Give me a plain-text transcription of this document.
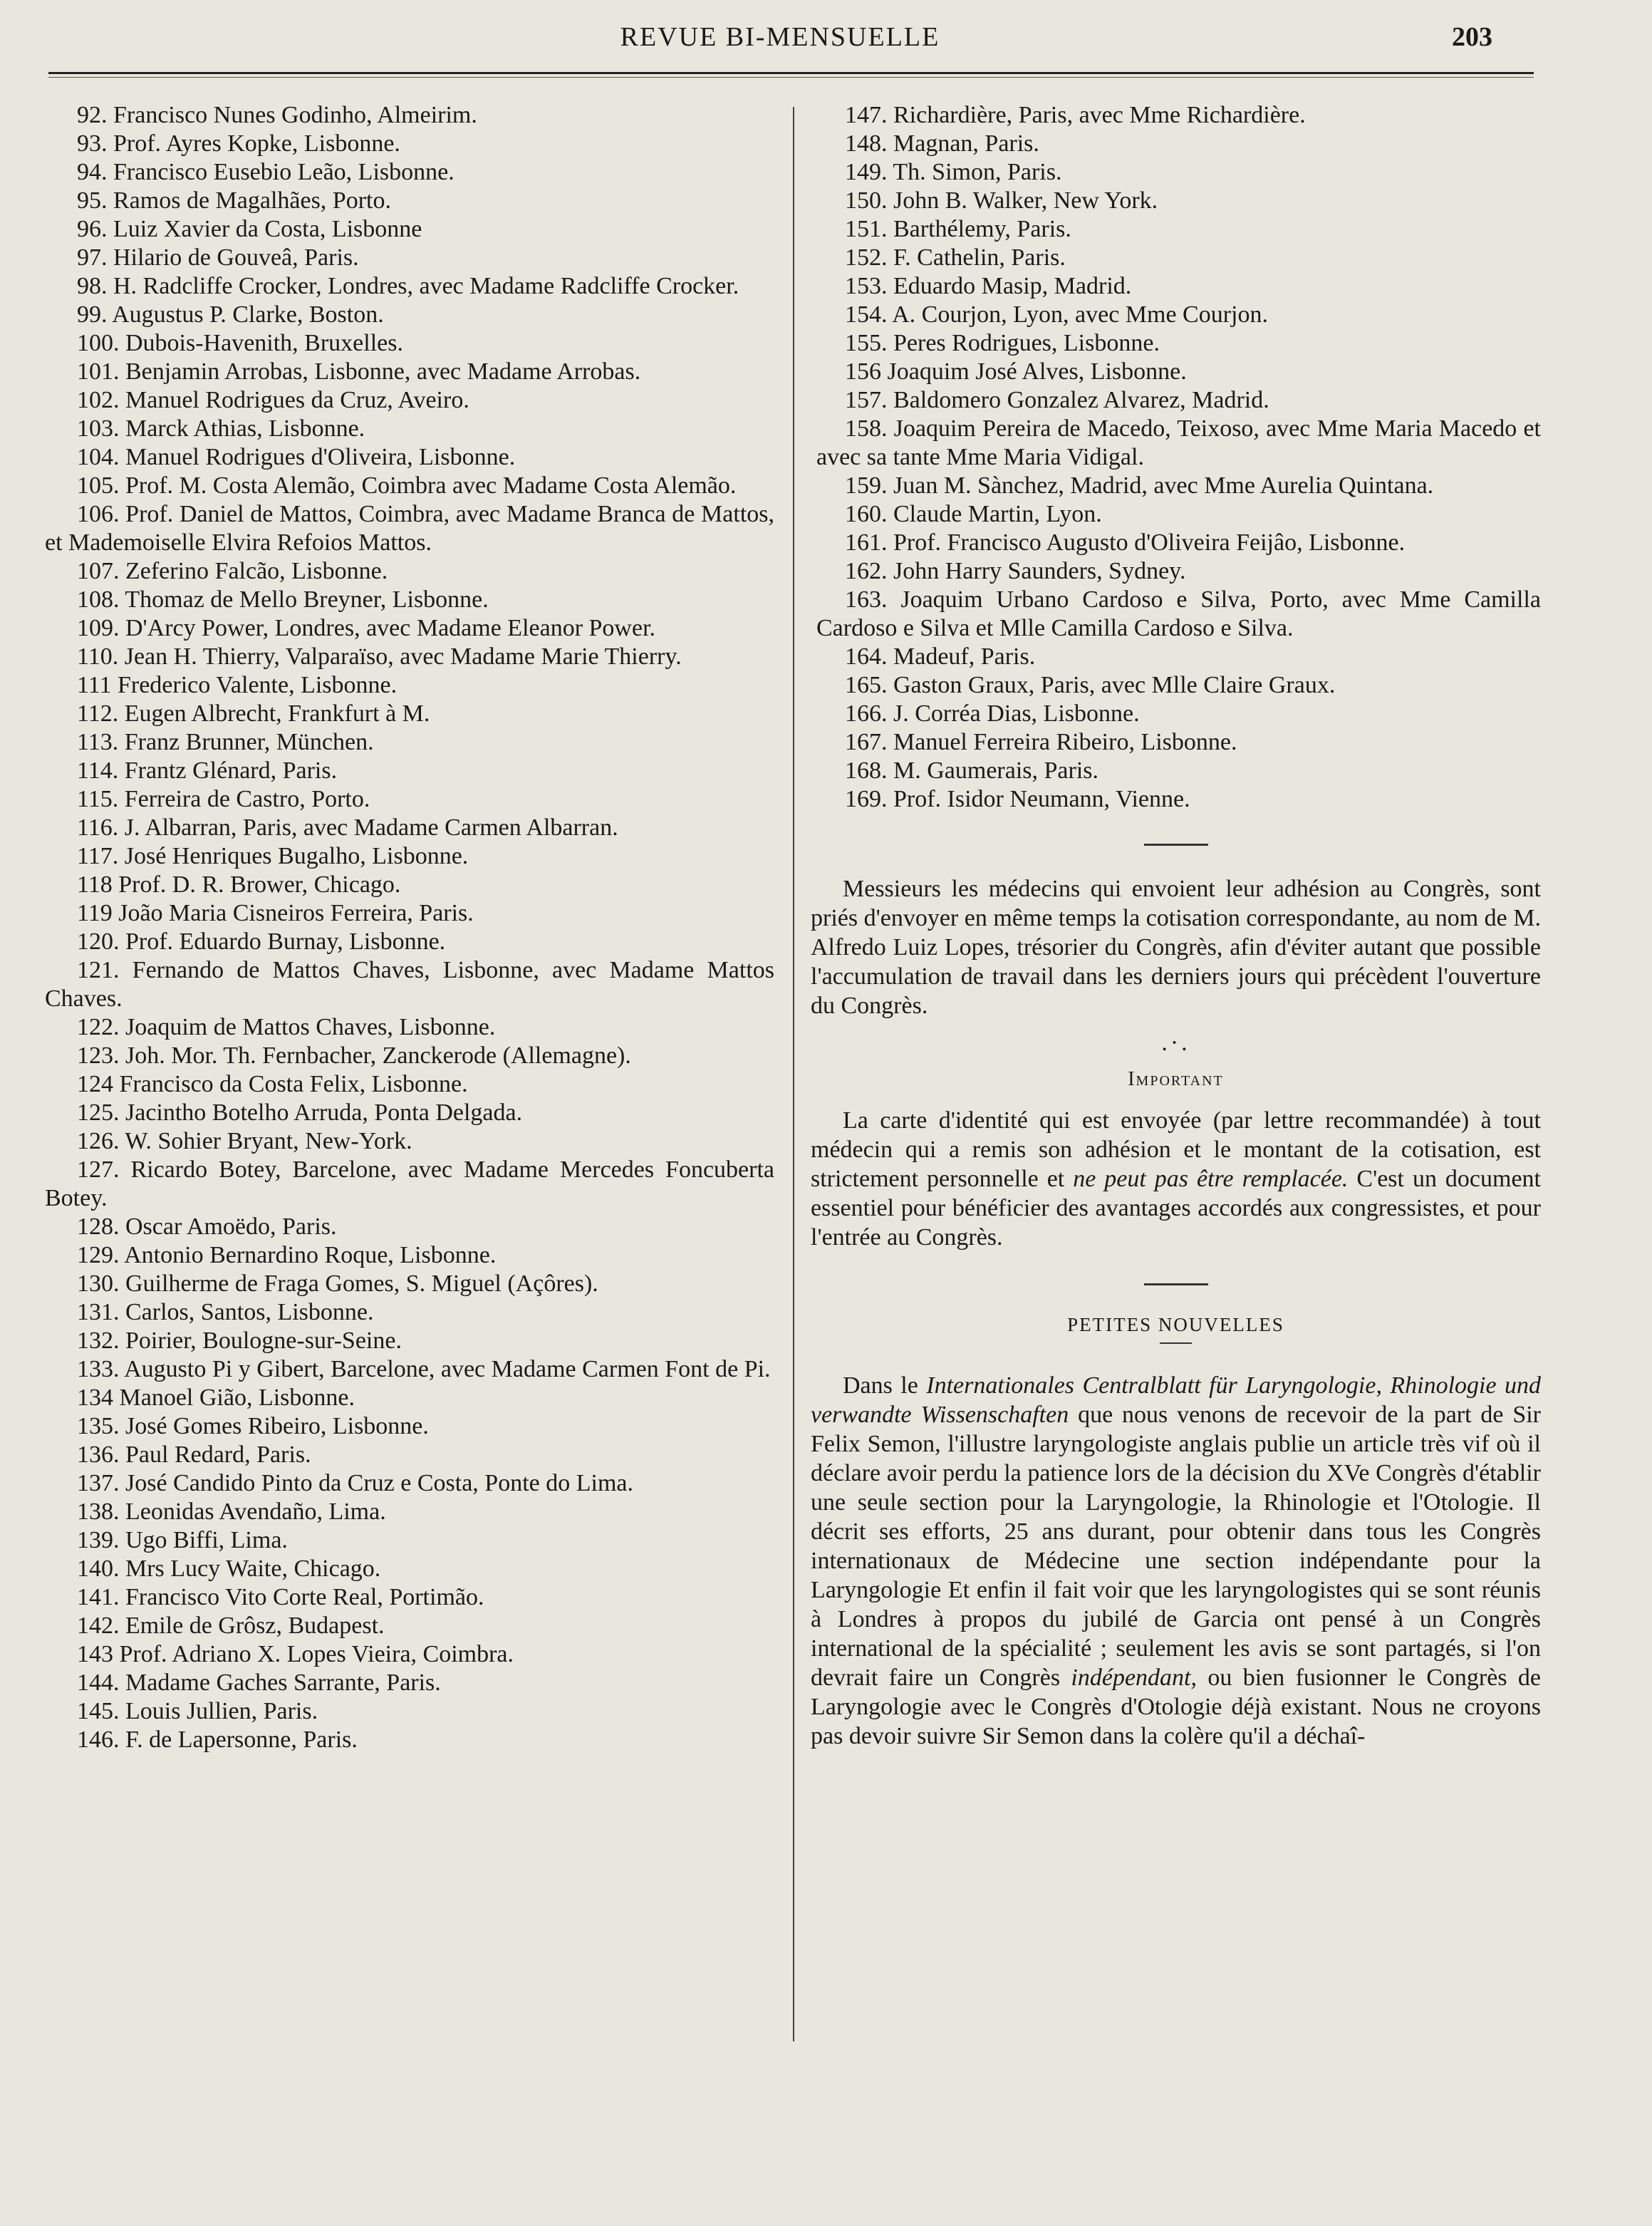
REVUE BI-MENSUELLE	203

92. Francisco Nunes Godinho, Almeirim.

93. Prof. Ayres Kopke, Lisbonne.

94. Francisco Eusebio Leão, Lisbonne.

95. Ramos de Magalhães, Porto.

96. Luiz Xavier da Costa, Lisbonne

97. Hilario de Gouveâ, Paris.

98. H. Radcliffe Crocker, Londres, avec Madame Radcliffe Crocker.

99. Augustus P. Clarke, Boston.

100. Dubois-Havenith, Bruxelles.

101. Benjamin Arrobas, Lisbonne, avec Madame Arrobas.

102. Manuel Rodrigues da Cruz, Aveiro.

103. Marck Athias, Lisbonne.

104. Manuel Rodrigues d'Oliveira, Lisbonne.

105. Prof. M. Costa Alemão, Coimbra avec Madame Costa Alemão.

106. Prof. Daniel de Mattos, Coimbra, avec Madame Branca de Mattos, et Mademoiselle Elvira Refoios Mattos.

107. Zeferino Falcão, Lisbonne.

108. Thomaz de Mello Breyner, Lisbonne.

109. D'Arcy Power, Londres, avec Madame Eleanor Power.

110. Jean H. Thierry, Valparaïso, avec Madame Marie Thierry.

111 Frederico Valente, Lisbonne.

112. Eugen Albrecht, Frankfurt à M.

113. Franz Brunner, München.

114. Frantz Glénard, Paris.

115. Ferreira de Castro, Porto.

116. J. Albarran, Paris, avec Madame Carmen Albarran.

117. José Henriques Bugalho, Lisbonne.

118 Prof. D. R. Brower, Chicago.

119 João Maria Cisneiros Ferreira, Paris.

120. Prof. Eduardo Burnay, Lisbonne.

121. Fernando de Mattos Chaves, Lisbonne, avec Madame Mattos Chaves.

122. Joaquim de Mattos Chaves, Lisbonne.

123. Joh. Mor. Th. Fernbacher, Zanckerode (Allemagne).

124 Francisco da Costa Felix, Lisbonne.

125. Jacintho Botelho Arruda, Ponta Delgada.

126. W. Sohier Bryant, New-York.

127. Ricardo Botey, Barcelone, avec Madame Mercedes Foncuberta Botey.

128. Oscar Amoëdo, Paris.

129. Antonio Bernardino Roque, Lisbonne.

130. Guilherme de Fraga Gomes, S. Miguel (Açôres).

131. Carlos, Santos, Lisbonne.

132. Poirier, Boulogne-sur-Seine.

133. Augusto Pi y Gibert, Barcelone, avec Madame Carmen Font de Pi.

134 Manoel Gião, Lisbonne.

135. José Gomes Ribeiro, Lisbonne.

136. Paul Redard, Paris.

137. José Candido Pinto da Cruz e Costa, Ponte do Lima.

138. Leonidas Avendaño, Lima.

139. Ugo Biffi, Lima.

140. Mrs Lucy Waite, Chicago.

141. Francisco Vito Corte Real, Portimão.

142. Emile de Grôsz, Budapest.

143 Prof. Adriano X. Lopes Vieira, Coimbra.

144. Madame Gaches Sarrante, Paris.

145. Louis Jullien, Paris.

146. F. de Lapersonne, Paris.

147. Richardière, Paris, avec Mme Richardière.

148. Magnan, Paris.

149. Th. Simon, Paris.

150. John B. Walker, New York.

151. Barthélemy, Paris.

152. F. Cathelin, Paris.

153. Eduardo Masip, Madrid.

154. A. Courjon, Lyon, avec Mme Courjon.

155. Peres Rodrigues, Lisbonne.

156 Joaquim José Alves, Lisbonne.

157. Baldomero Gonzalez Alvarez, Madrid.

158. Joaquim Pereira de Macedo, Teixoso, avec Mme Maria Macedo et avec sa tante Mme Maria Vidigal.

159. Juan M. Sànchez, Madrid, avec Mme Aurelia Quintana.

160. Claude Martin, Lyon.

161. Prof. Francisco Augusto d'Oliveira Feijâo, Lisbonne.

162. John Harry Saunders, Sydney.

163. Joaquim Urbano Cardoso e Silva, Porto, avec Mme Camilla Cardoso e Silva et Mlle Camilla Cardoso e Silva.

164. Madeuf, Paris.

165. Gaston Graux, Paris, avec Mlle Claire Graux.

166. J. Corréa Dias, Lisbonne.

167. Manuel Ferreira Ribeiro, Lisbonne.

168. M. Gaumerais, Paris.

169. Prof. Isidor Neumann, Vienne.

Messieurs les médecins qui envoient leur adhésion au Congrès, sont priés d'envoyer en même temps la cotisation correspondante, au nom de M. Alfredo Luiz Lopes, trésorier du Congrès, afin d'éviter autant que possible l'accumulation de travail dans les derniers jours qui précèdent l'ouverture du Congrès.

.·.
Important

La carte d'identité qui est envoyée (par lettre recommandée) à tout médecin qui a remis son adhésion et le montant de la cotisation, est strictement personnelle et ne peut pas être remplacée. C'est un document essentiel pour bénéficier des avantages accordés aux congressistes, et pour l'entrée au Congrès.

PETITES NOUVELLES

Dans le Internationales Centralblatt für Laryngologie, Rhinologie und verwandte Wissenschaften que nous venons de recevoir de la part de Sir Felix Semon, l'illustre laryngologiste anglais publie un article très vif où il déclare avoir perdu la patience lors de la décision du XVe Congrès d'établir une seule section pour la Laryngologie, la Rhinologie et l'Otologie. Il décrit ses efforts, 25 ans durant, pour obtenir dans tous les Congrès internationaux de Médecine une section indépendante pour la Laryngologie Et enfin il fait voir que les laryngologistes qui se sont réunis à Londres à propos du jubilé de Garcia ont pensé à un Congrès international de la spécialité ; seulement les avis se sont partagés, si l'on devrait faire un Congrès indépendant, ou bien fusionner le Congrès de Laryngologie avec le Congrès d'Otologie déjà existant. Nous ne croyons pas devoir suivre Sir Semon dans la colère qu'il a déchaî-
